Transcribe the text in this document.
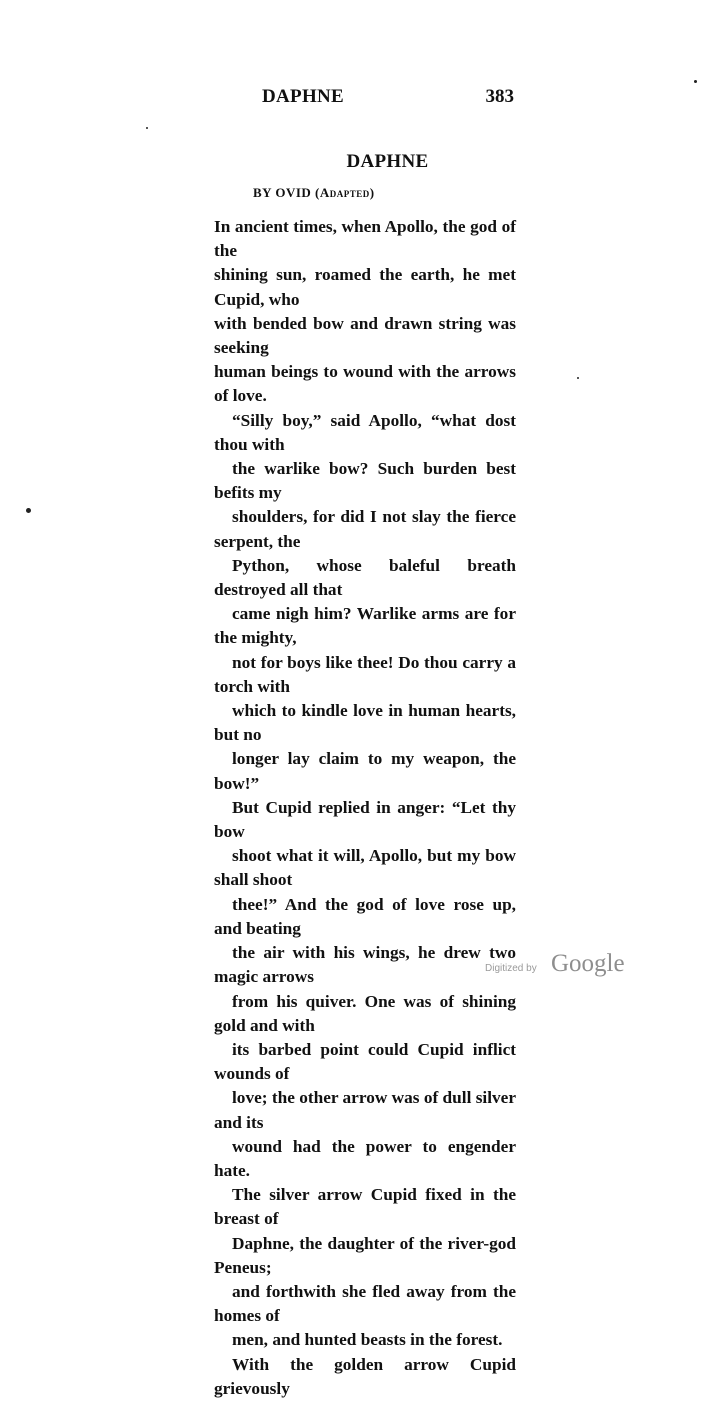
DAPHNE	383
DAPHNE
BY OVID (Adapted)

In ancient times, when Apollo, the god of the
shining sun, roamed the earth, he met Cupid, who
with bended bow and drawn string was seeking
human beings to wound with the arrows of love.

“Silly boy,” said Apollo, “what dost thou with
the warlike bow? Such burden best befits my
shoulders, for did I not slay the fierce serpent, the
Python, whose baleful breath destroyed all that
came nigh him? Warlike arms are for the mighty,
not for boys like thee! Do thou carry a torch with
which to kindle love in human hearts, but no
longer lay claim to my weapon, the bow!”

But Cupid replied in anger: “Let thy bow
shoot what it will, Apollo, but my bow shall shoot
thee!” And the god of love rose up, and beating
the air with his wings, he drew two magic arrows
from his quiver. One was of shining gold and with
its barbed point could Cupid inflict wounds of
love; the other arrow was of dull silver and its
wound had the power to engender hate.

The silver arrow Cupid fixed in the breast of
Daphne, the daughter of the river-god Peneus;
and forthwith she fled away from the homes of
men, and hunted beasts in the forest.

With the golden arrow Cupid grievously

Digitized by Google
